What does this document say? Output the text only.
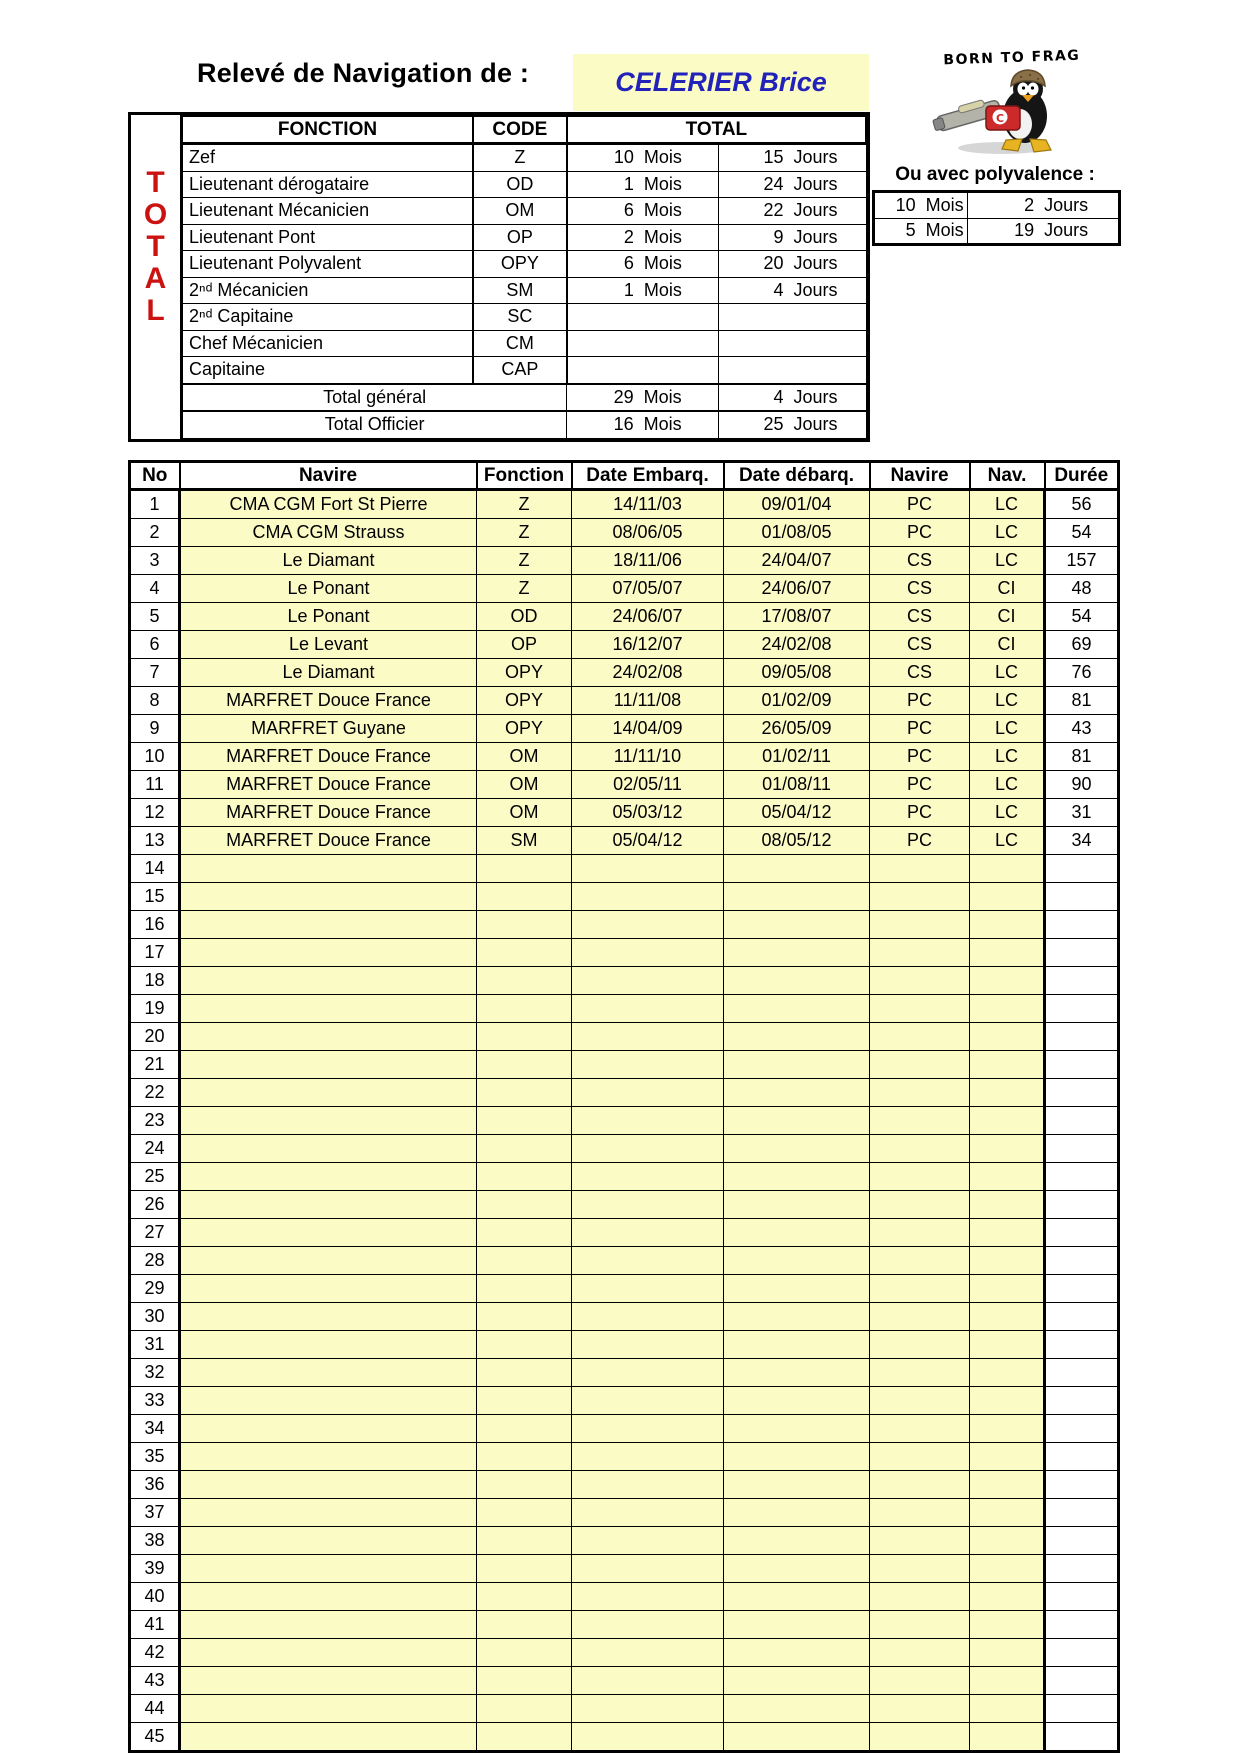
Relevé de Navigation de :	CELERIER Brice
BORN TO FRAG
C
T
O
T
A
L
FONCTION	CODE	TOTAL	
Zef	Z	10 Mois	15 Jours

Lieutenant dérogataire	OD	1 Mois	24 Jours

Lieutenant Mécanicien	OM	6 Mois	22 Jours

Lieutenant Pont	OP	2 Mois	9 Jours

Lieutenant Polyvalent	OPY	6 Mois	20 Jours

2ⁿᵈ Mécanicien	SM	1 Mois	4 Jours

2ⁿᵈ Capitaine	SC	

Chef Mécanicien	CM	

Capitaine	CAP	

Total général		29 Mois	4 Jours

Total Officier		16 Mois	25 Jours
Ou avec polyvalence :
10 Mois	2 Jours

5 Mois	19 Jours
No	Navire	Fonction	Date Embarq.	Date débarq.	Navire	Nav.	Durée
1	CMA CGM Fort St Pierre	Z	14/11/03	09/01/04	PC	LC	56
2	CMA CGM Strauss	Z	08/06/05	01/08/05	PC	LC	54
3	Le Diamant	Z	18/11/06	24/04/07	CS	LC	157
4	Le Ponant	Z	07/05/07	24/06/07	CS	CI	48
5	Le Ponant	OD	24/06/07	17/08/07	CS	CI	54
6	Le Levant	OP	16/12/07	24/02/08	CS	CI	69
7	Le Diamant	OPY	24/02/08	09/05/08	CS	LC	76
8	MARFRET Douce France	OPY	11/11/08	01/02/09	PC	LC	81
9	MARFRET Guyane	OPY	14/04/09	26/05/09	PC	LC	43
10	MARFRET Douce France	OM	11/11/10	01/02/11	PC	LC	81
11	MARFRET Douce France	OM	02/05/11	01/08/11	PC	LC	90
12	MARFRET Douce France	OM	05/03/12	05/04/12	PC	LC	31
13	MARFRET Douce France	SM	05/04/12	08/05/12	PC	LC	34
14							
15							
16							
17							
18							
19							
20							
21							
22							
23							
24							
25							
26							
27							
28							
29							
30							
31							
32							
33							
34							
35							
36							
37							
38							
39							
40							
41							
42							
43							
44							
45							
